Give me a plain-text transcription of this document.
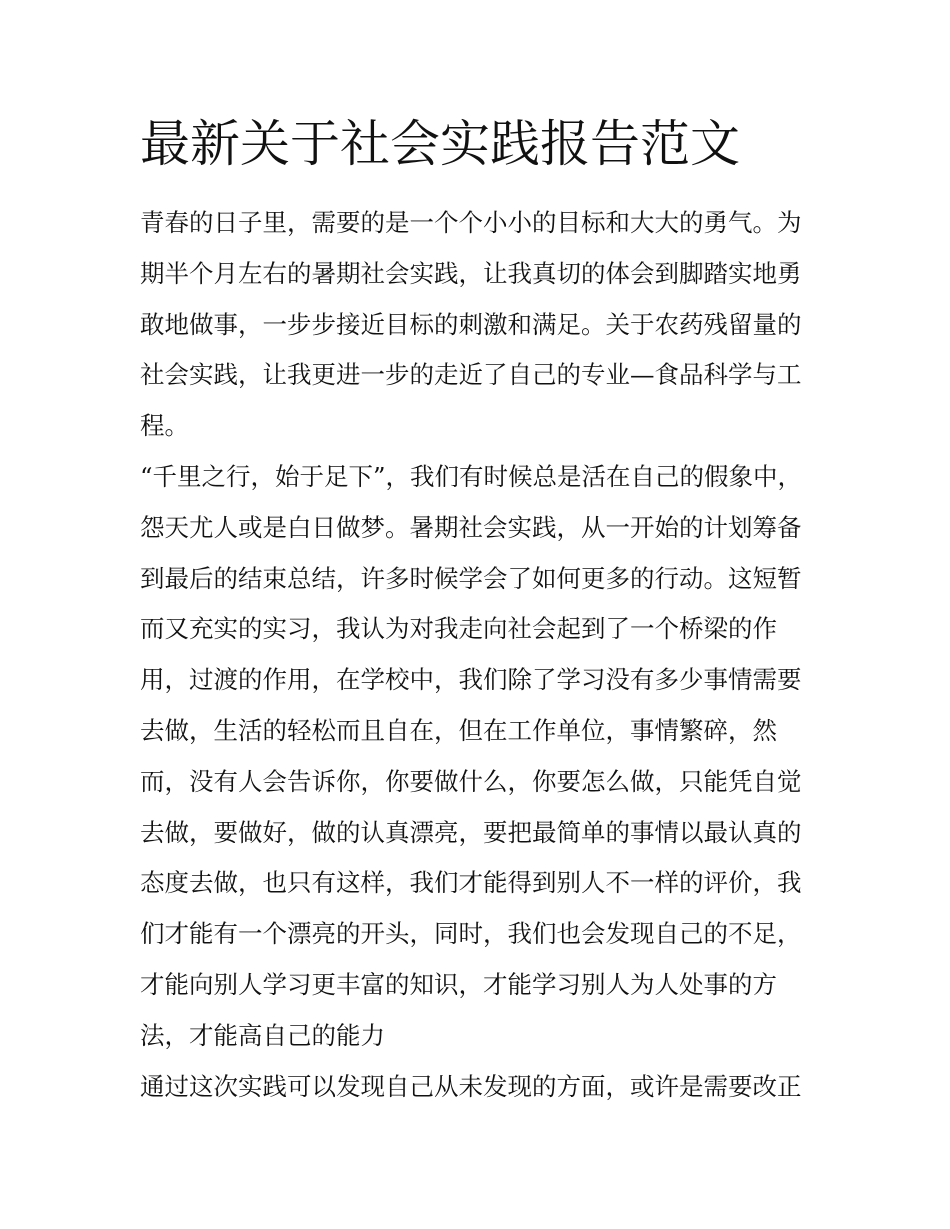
最新关于社会实践报告范文
青春的日子里，需要的是一个个小小的目标和大大的勇气。为
期半个月左右的暑期社会实践，让我真切的体会到脚踏实地勇
敢地做事，一步步接近目标的刺激和满足。关于农药残留量的
社会实践，让我更进一步的走近了自己的专业—食品科学与工
程。
“千里之行，始于足下”，我们有时候总是活在自己的假象中，
怨天尤人或是白日做梦。暑期社会实践，从一开始的计划筹备
到最后的结束总结，许多时候学会了如何更多的行动。这短暂
而又充实的实习，我认为对我走向社会起到了一个桥梁的作
用，过渡的作用，在学校中，我们除了学习没有多少事情需要
去做，生活的轻松而且自在，但在工作单位，事情繁碎，然
而，没有人会告诉你，你要做什么，你要怎么做，只能凭自觉
去做，要做好，做的认真漂亮，要把最简单的事情以最认真的
态度去做，也只有这样，我们才能得到别人不一样的评价，我
们才能有一个漂亮的开头，同时，我们也会发现自己的不足，
才能向别人学习更丰富的知识，才能学习别人为人处事的方
法，才能高自己的能力
通过这次实践可以发现自己从未发现的方面，或许是需要改正
